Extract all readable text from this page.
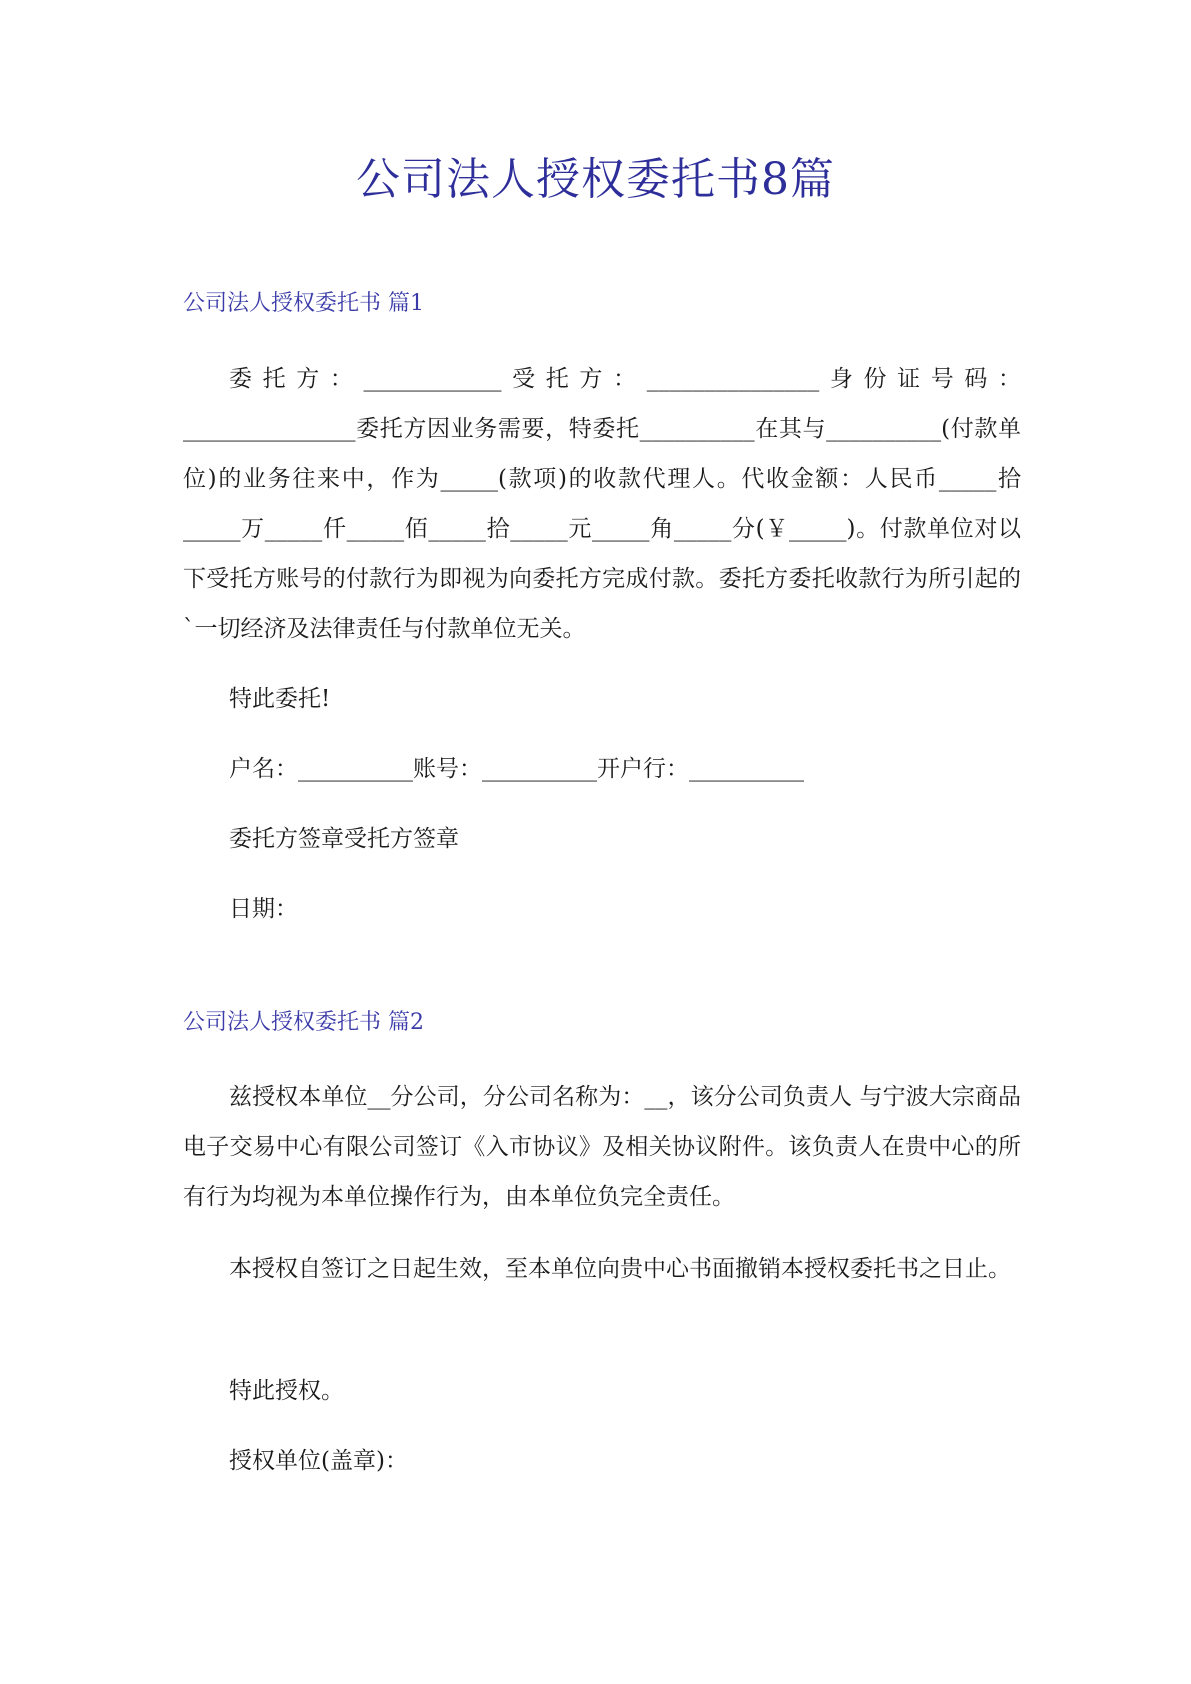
公司法人授权委托书8篇
公司法人授权委托书 篇1

委托方：____________受托方：_______________身份证号码：_______________委托方因业务需要，特委托__________在其与__________(付款单位)的业务往来中，作为_____(款项)的收款代理人。代收金额：人民币_____拾_____万_____仟_____佰_____拾_____元_____角_____分(￥_____)。付款单位对以下受托方账号的付款行为即视为向委托方完成付款。委托方委托收款行为所引起的`一切经济及法律责任与付款单位无关。

特此委托!

户名：__________账号：__________开户行：__________

委托方签章受托方签章

日期：

公司法人授权委托书 篇2

兹授权本单位__分公司，分公司名称为：__，该分公司负责人 与宁波大宗商品电子交易中心有限公司签订《入市协议》及相关协议附件。该负责人在贵中心的所有行为均视为本单位操作行为，由本单位负完全责任。

本授权自签订之日起生效，至本单位向贵中心书面撤销本授权委托书之日止。

特此授权。

授权单位(盖章)：
